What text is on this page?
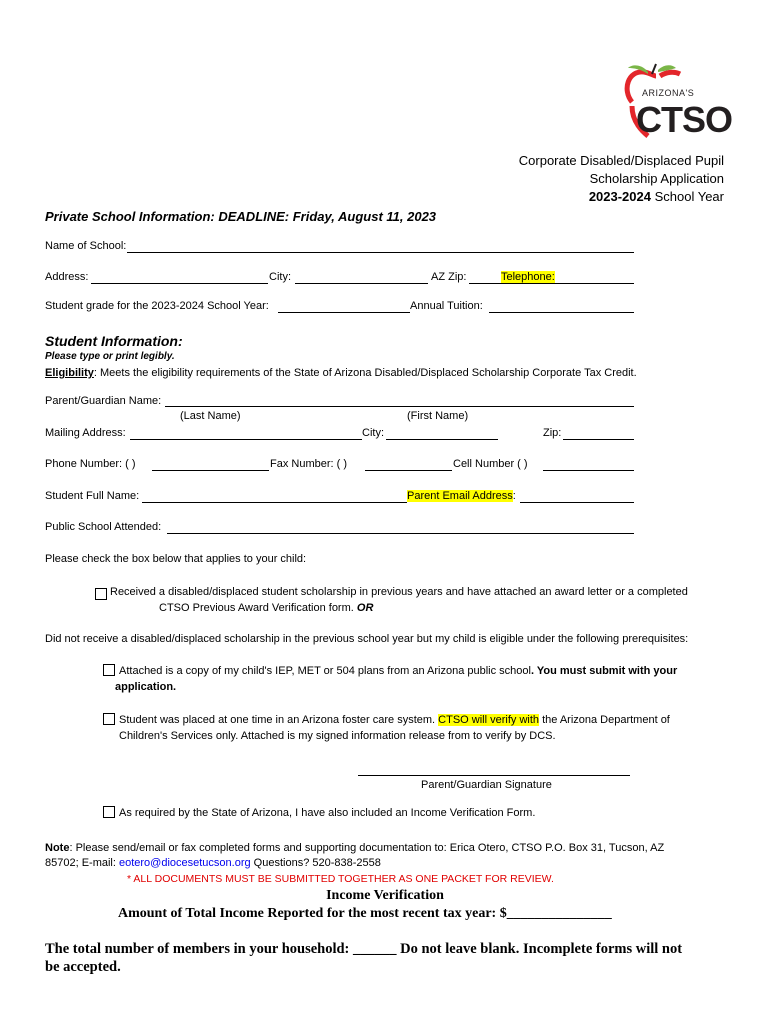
ARIZONA'S
CTSO
Corporate Disabled/Displaced Pupil
Scholarship Application
2023-2024 School Year
Private School Information: DEADLINE: Friday, August 11, 2023
Name of School:
Address:	City:	AZ Zip:	Telephone:
Student grade for the 2023-2024 School Year:	Annual Tuition:
Student Information:
Please type or print legibly.
Eligibility: Meets the eligibility requirements of the State of Arizona Disabled/Displaced Scholarship Corporate Tax Credit.
Parent/Guardian Name:
(Last Name)	(First Name)
Mailing Address:	City:	Zip:
Phone Number: ( )	Fax Number: ( )	Cell Number ( )
Student Full Name:	Parent Email Address:
Public School Attended:
Please check the box below that applies to your child:
Received a disabled/displaced student scholarship in previous years and have attached an award letter or a completed
CTSO Previous Award Verification form. OR
Did not receive a disabled/displaced scholarship in the previous school year but my child is eligible under the following prerequisites:
Attached is a copy of my child's IEP, MET or 504 plans from an Arizona public school. You must submit with your
application.
Student was placed at one time in an Arizona foster care system. CTSO will verify with the Arizona Department of
Children's Services only. Attached is my signed information release from to verify by DCS.
Parent/Guardian Signature
As required by the State of Arizona, I have also included an Income Verification Form.
Note: Please send/email or fax completed forms and supporting documentation to: Erica Otero, CTSO P.O. Box 31, Tucson, AZ
85702; E-mail: eotero@diocesetucson.org Questions? 520-838-2558
* ALL DOCUMENTS MUST BE SUBMITTED TOGETHER AS ONE PACKET FOR REVIEW.
Income Verification
Amount of Total Income Reported for the most recent tax year: $_______________
The total number of members in your household: ______ Do not leave blank. Incomplete forms will not
be accepted.
